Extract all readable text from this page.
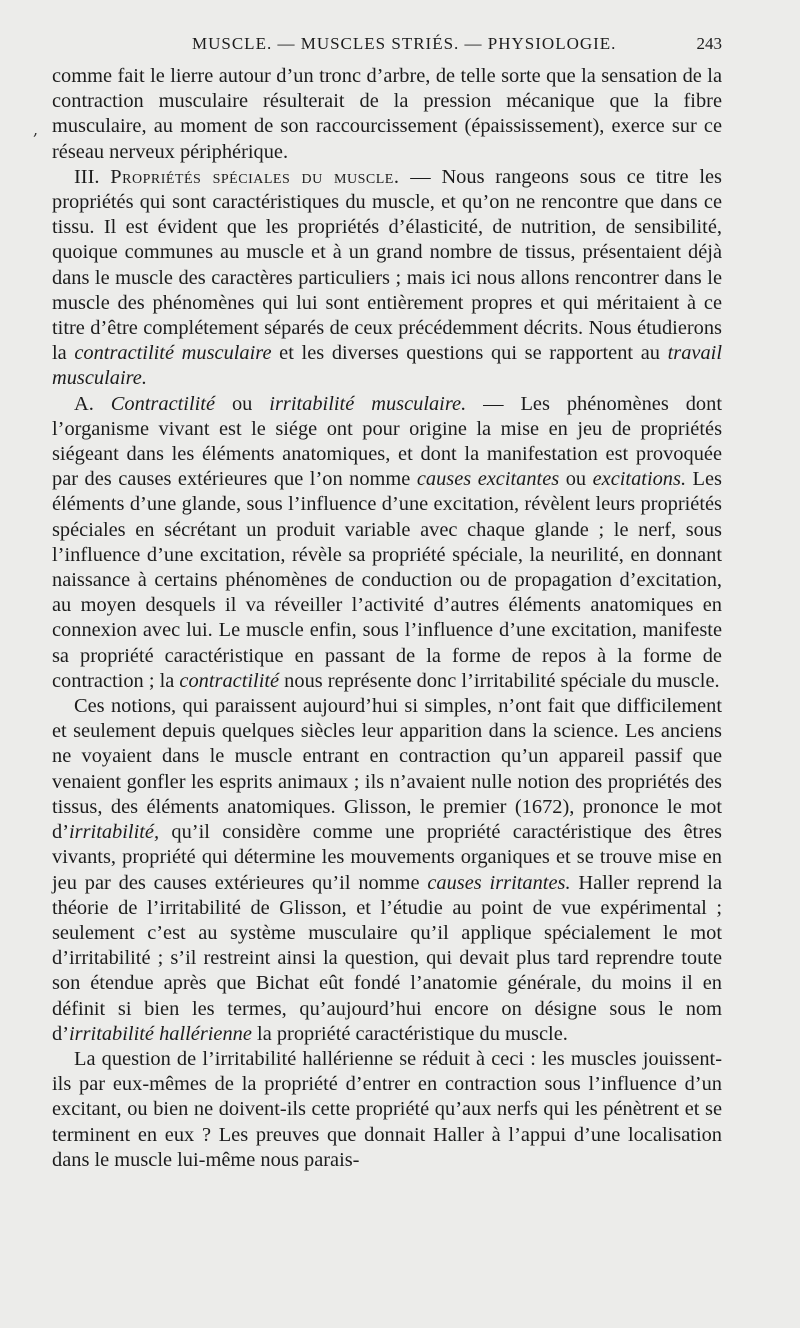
MUSCLE. — MUSCLES STRIÉS. — PHYSIOLOGIE.	243
,

comme fait le lierre autour d’un tronc d’arbre, de telle sorte que la sensation de la contraction musculaire résulterait de la pression mécanique que la fibre musculaire, au moment de son raccourcissement (épaississement), exerce sur ce réseau nerveux périphérique.

III. Propriétés spéciales du muscle. — Nous rangeons sous ce titre les propriétés qui sont caractéristiques du muscle, et qu’on ne rencontre que dans ce tissu. Il est évident que les propriétés d’élasticité, de nutrition, de sensibilité, quoique communes au muscle et à un grand nombre de tissus, présentaient déjà dans le muscle des caractères particuliers ; mais ici nous allons rencontrer dans le muscle des phénomènes qui lui sont entièrement propres et qui méritaient à ce titre d’être complétement séparés de ceux précédemment décrits. Nous étudierons la contractilité musculaire et les diverses questions qui se rapportent au travail musculaire.

A. Contractilité ou irritabilité musculaire. — Les phénomènes dont l’organisme vivant est le siége ont pour origine la mise en jeu de propriétés siégeant dans les éléments anatomiques, et dont la manifestation est provoquée par des causes extérieures que l’on nomme causes excitantes ou excitations. Les éléments d’une glande, sous l’influence d’une excitation, révèlent leurs propriétés spéciales en sécrétant un produit variable avec chaque glande ; le nerf, sous l’influence d’une excitation, révèle sa propriété spéciale, la neurilité, en donnant naissance à certains phénomènes de conduction ou de propagation d’excitation, au moyen desquels il va réveiller l’activité d’autres éléments anatomiques en connexion avec lui. Le muscle enfin, sous l’influence d’une excitation, manifeste sa propriété caractéristique en passant de la forme de repos à la forme de contraction ; la contractilité nous représente donc l’irritabilité spéciale du muscle.

Ces notions, qui paraissent aujourd’hui si simples, n’ont fait que difficilement et seulement depuis quelques siècles leur apparition dans la science. Les anciens ne voyaient dans le muscle entrant en contraction qu’un appareil passif que venaient gonfler les esprits animaux ; ils n’avaient nulle notion des propriétés des tissus, des éléments anatomiques. Glisson, le premier (1672), prononce le mot d’irritabilité, qu’il considère comme une propriété caractéristique des êtres vivants, propriété qui détermine les mouvements organiques et se trouve mise en jeu par des causes extérieures qu’il nomme causes irritantes. Haller reprend la théorie de l’irritabilité de Glisson, et l’étudie au point de vue expérimental ; seulement c’est au système musculaire qu’il applique spécialement le mot d’irritabilité ; s’il restreint ainsi la question, qui devait plus tard reprendre toute son étendue après que Bichat eût fondé l’anatomie générale, du moins il en définit si bien les termes, qu’aujourd’hui encore on désigne sous le nom d’irritabilité hallérienne la propriété caractéristique du muscle.

La question de l’irritabilité hallérienne se réduit à ceci : les muscles jouissent-ils par eux-mêmes de la propriété d’entrer en contraction sous l’influence d’un excitant, ou bien ne doivent-ils cette propriété qu’aux nerfs qui les pénètrent et se terminent en eux ? Les preuves que donnait Haller à l’appui d’une localisation dans le muscle lui-même nous parais-
